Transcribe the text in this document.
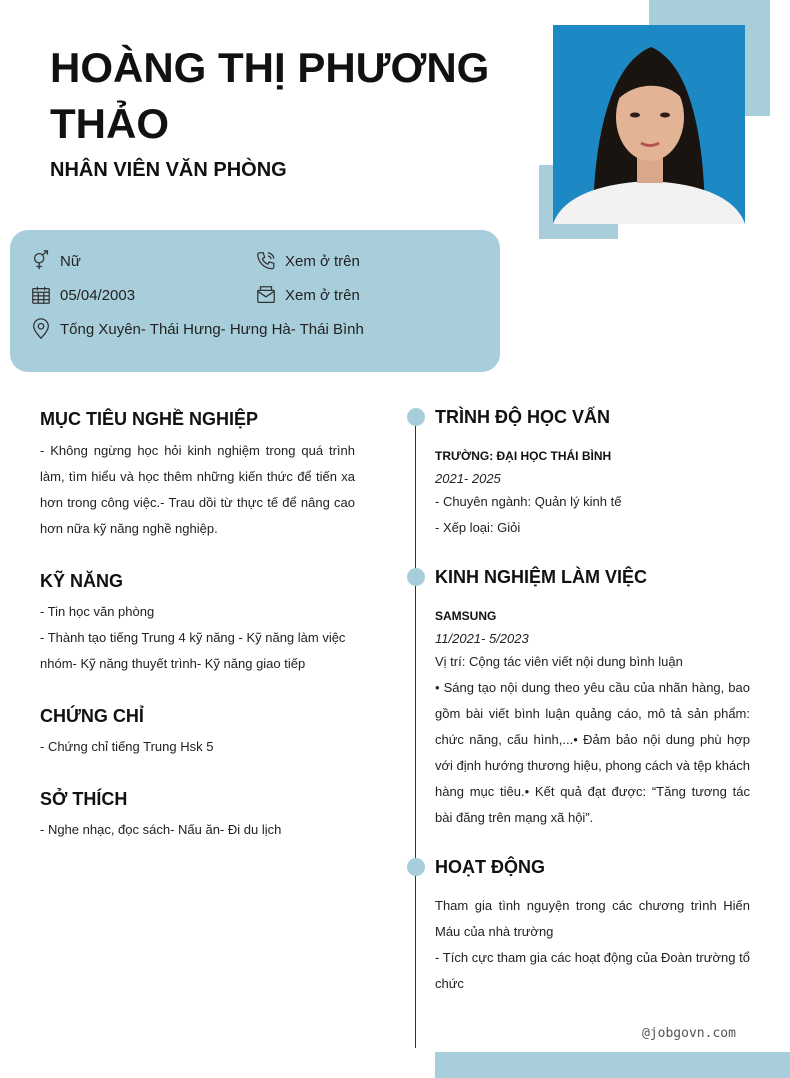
HOÀNG THỊ PHƯƠNG THẢO
NHÂN VIÊN VĂN PHÒNG
Nữ
05/04/2003
Tống Xuyên- Thái Hưng- Hưng Hà- Thái Bình
Xem ở trên
Xem ở trên
MỤC TIÊU NGHỀ NGHIỆP
- Không ngừng học hỏi kinh nghiệm trong quá trình làm, tìm hiểu và học thêm những kiến thức để tiến xa hơn trong công việc.- Trau dồi từ thực tế để nâng cao hơn nữa kỹ năng nghề nghiệp.
KỸ NĂNG
- Tin học văn phòng
- Thành tạo tiếng Trung 4 kỹ năng - Kỹ năng làm việc nhóm- Kỹ năng thuyết trình- Kỹ năng giao tiếp
CHỨNG CHỈ
- Chứng chỉ tiếng Trung Hsk 5
SỞ THÍCH
- Nghe nhạc, đọc sách- Nấu ăn- Đi du lịch
TRÌNH ĐỘ HỌC VẤN
TRƯỜNG: ĐẠI HỌC THÁI BÌNH
2021- 2025
- Chuyên ngành: Quản lý kinh tế
- Xếp loại: Giỏi
KINH NGHIỆM LÀM VIỆC
SAMSUNG
11/2021- 5/2023
Vị trí: Cộng tác viên viết nội dung bình luận
• Sáng tạo nội dung theo yêu cầu của nhãn hàng, bao gồm bài viết bình luận quảng cáo, mô tả sản phẩm: chức năng, cấu hình,...• Đảm bảo nội dung phù hợp với định hướng thương hiệu, phong cách và tệp khách hàng mục tiêu.• Kết quả đạt được: “Tăng tương tác bài đăng trên mạng xã hội”.
HOẠT ĐỘNG
Tham gia tình nguyện trong các chương trình Hiến Máu của nhà trường
- Tích cực tham gia các hoạt động của Đoàn trường tổ chức
@jobgovn.com
